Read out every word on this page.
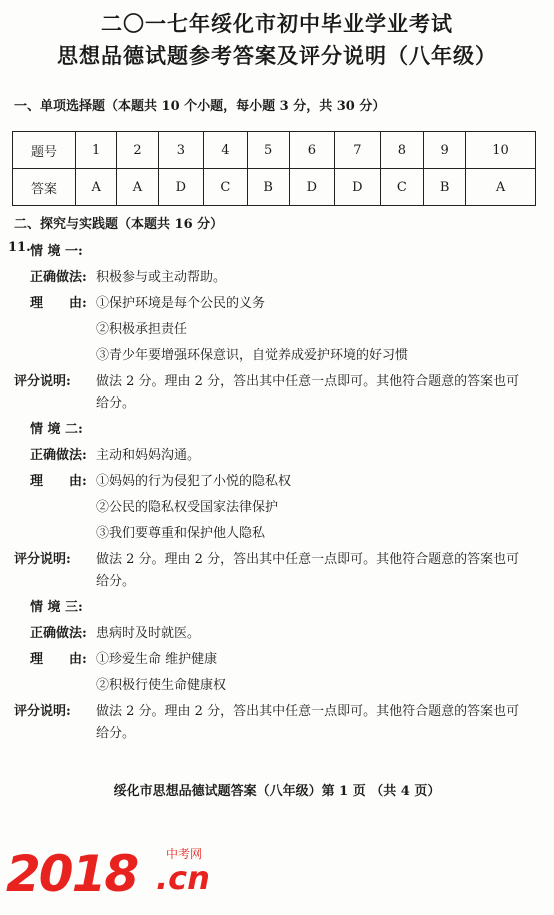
二〇一七年绥化市初中毕业学业考试
思想品德试题参考答案及评分说明（八年级）
一、单项选择题（本题共 10 个小题，每小题 3 分，共 30 分）
题号	1	2	3	4	5	6	7	8	9	10
答案	A	A	D	C	B	D	D	C	B	A
二、探究与实践题（本题共 16 分）
11. 情 境 一:
正确做法: 积极参与或主动帮助。
理　　由: ①保护环境是每个公民的义务
②积极承担责任
③青少年要增强环保意识，自觉养成爱护环境的好习惯
评分说明: 做法 2 分。理由 2 分，答出其中任意一点即可。其他符合题意的答案也可
给分。
情 境 二:
正确做法: 主动和妈妈沟通。
理　　由: ①妈妈的行为侵犯了小悦的隐私权
②公民的隐私权受国家法律保护
③我们要尊重和保护他人隐私
评分说明: 做法 2 分。理由 2 分，答出其中任意一点即可。其他符合题意的答案也可
给分。
情 境 三:
正确做法: 患病时及时就医。
理　　由: ①珍爱生命 维护健康
②积极行使生命健康权
评分说明: 做法 2 分。理由 2 分，答出其中任意一点即可。其他符合题意的答案也可
给分。
绥化市思想品德试题答案（八年级）第 1 页 （共 4 页）
2018 中考网
.cn
